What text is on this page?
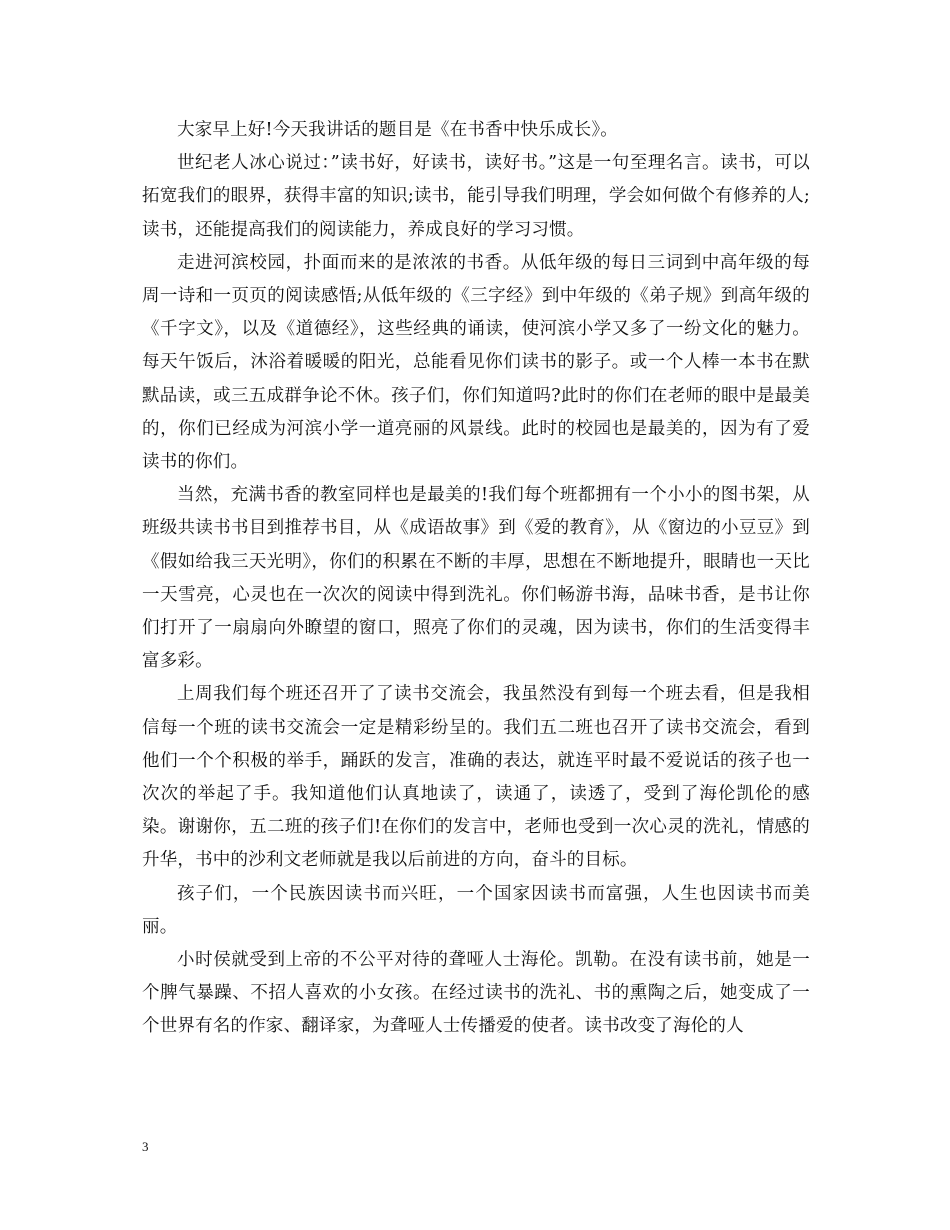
大家早上好!今天我讲话的题目是《在书香中快乐成长》。

世纪老人冰心说过：”读书好，好读书，读好书。”这是一句至理名言。读书，可以拓宽我们的眼界，获得丰富的知识;读书，能引导我们明理，学会如何做个有修养的人;读书，还能提高我们的阅读能力，养成良好的学习习惯。

走进河滨校园，扑面而来的是浓浓的书香。从低年级的每日三词到中高年级的每周一诗和一页页的阅读感悟;从低年级的《三字经》到中年级的《弟子规》到高年级的《千字文》，以及《道德经》，这些经典的诵读，使河滨小学又多了一纷文化的魅力。每天午饭后，沐浴着暖暖的阳光，总能看见你们读书的影子。或一个人棒一本书在默默品读，或三五成群争论不休。孩子们，你们知道吗?此时的你们在老师的眼中是最美的，你们已经成为河滨小学一道亮丽的风景线。此时的校园也是最美的，因为有了爱读书的你们。

当然，充满书香的教室同样也是最美的!我们每个班都拥有一个小小的图书架，从班级共读书书目到推荐书目，从《成语故事》到《爱的教育》，从《窗边的小豆豆》到《假如给我三天光明》，你们的积累在不断的丰厚，思想在不断地提升，眼睛也一天比一天雪亮，心灵也在一次次的阅读中得到洗礼。你们畅游书海，品味书香，是书让你们打开了一扇扇向外瞭望的窗口，照亮了你们的灵魂，因为读书，你们的生活变得丰富多彩。

上周我们每个班还召开了了读书交流会，我虽然没有到每一个班去看，但是我相信每一个班的读书交流会一定是精彩纷呈的。我们五二班也召开了读书交流会，看到他们一个个积极的举手，踊跃的发言，准确的表达，就连平时最不爱说话的孩子也一次次的举起了手。我知道他们认真地读了，读通了，读透了，受到了海伦凯伦的感染。谢谢你，五二班的孩子们!在你们的发言中，老师也受到一次心灵的洗礼，情感的升华，书中的沙利文老师就是我以后前进的方向，奋斗的目标。

孩子们，一个民族因读书而兴旺，一个国家因读书而富强，人生也因读书而美丽。

小时侯就受到上帝的不公平对待的聋哑人士海伦。凯勒。在没有读书前，她是一个脾气暴躁、不招人喜欢的小女孩。在经过读书的洗礼、书的熏陶之后，她变成了一个世界有名的作家、翻译家，为聋哑人士传播爱的使者。读书改变了海伦的人

3
